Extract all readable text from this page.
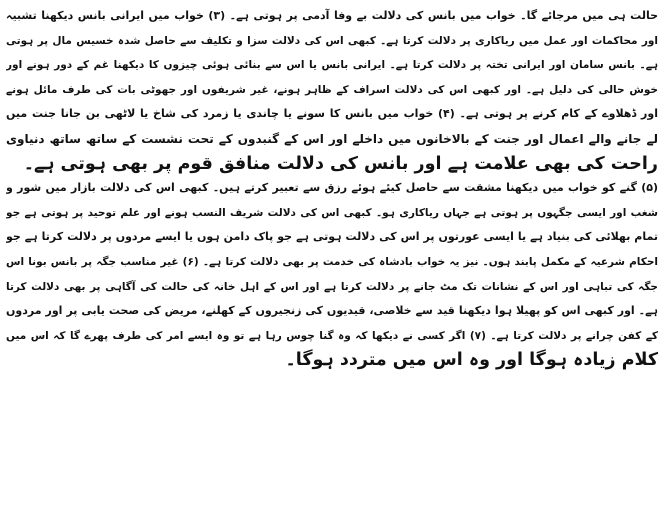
حالت ہی میں مرجائے گا۔ خواب میں بانس کی دلالت بے وفا آدمی پر ہوتی ہے۔ (۳) خواب میں ایرانی بانس دیکھنا تشبیہ
اور محاکمات اور عمل میں ریاکاری پر دلالت کرتا ہے۔ کبھی اس کی دلالت سزا و تکلیف سے حاصل شدہ خسیس مال پر ہوتی
ہے۔ بانس سامان اور ایرانی تختہ پر دلالت کرتا ہے۔ ایرانی بانس یا اس سے بنائی ہوئی چیزوں کا دیکھنا غم کے دور ہونے اور
خوش حالی کی دلیل ہے۔ اور کبھی اس کی دلالت اسراف کے ظاہر ہونے، غیر شریفوں اور جھوٹی بات کی طرف مائل ہونے
اور ڈھلاوے کے کام کرنے پر ہوتی ہے۔ (۴) خواب میں بانس کا سونے یا چاندی یا زمرد کی شاخ یا لاٹھی بن جانا جنت میں
لے جانے والے اعمال اور جنت کے بالاخانوں میں داخلے اور اس کے گنبدوں کے تحت نشست کے ساتھ ساتھ دنیاوی
راحت کی بھی علامت ہے اور بانس کی دلالت منافق قوم پر بھی ہوتی ہے۔
(۵) گنے کو خواب میں دیکھنا مشقت سے حاصل کیئے ہوئے رزق سے تعبیر کرتے ہیں۔ کبھی اس کی دلالت بازار میں شور و
شغب اور ایسی جگہوں پر ہوتی ہے جہاں ریاکاری ہو۔ کبھی اس کی دلالت شریف النسب ہونے اور علم توحید پر ہوتی ہے جو
تمام بھلائی کی بنیاد ہے یا ایسی عورتوں پر اس کی دلالت ہوتی ہے جو پاک دامن ہوں یا ایسے مردوں پر دلالت کرتا ہے جو
احکام شرعیہ کے مکمل پابند ہوں۔ نیز یہ خواب بادشاہ کی خدمت پر بھی دلالت کرتا ہے۔ (۶) غیر مناسب جگہ پر بانس بونا اس
جگہ کی تباہی اور اس کے نشانات تک مٹ جانے پر دلالت کرتا ہے اور اس کے اہل خانہ کی حالت کی آگاہی پر بھی دلالت کرتا
ہے۔ اور کبھی اس کو پھیلا ہوا دیکھنا قید سے خلاصی، قیدیوں کی زنجیروں کے کھلنے، مریض کی صحت یابی پر اور مردوں
کے کفن چرانے پر دلالت کرتا ہے۔ (۷) اگر کسی نے دیکھا کہ وہ گنا چوس رہا ہے تو وہ ایسے امر کی طرف پھرے گا کہ اس میں
کلام زیادہ ہوگا اور وہ اس میں متردد ہوگا۔
